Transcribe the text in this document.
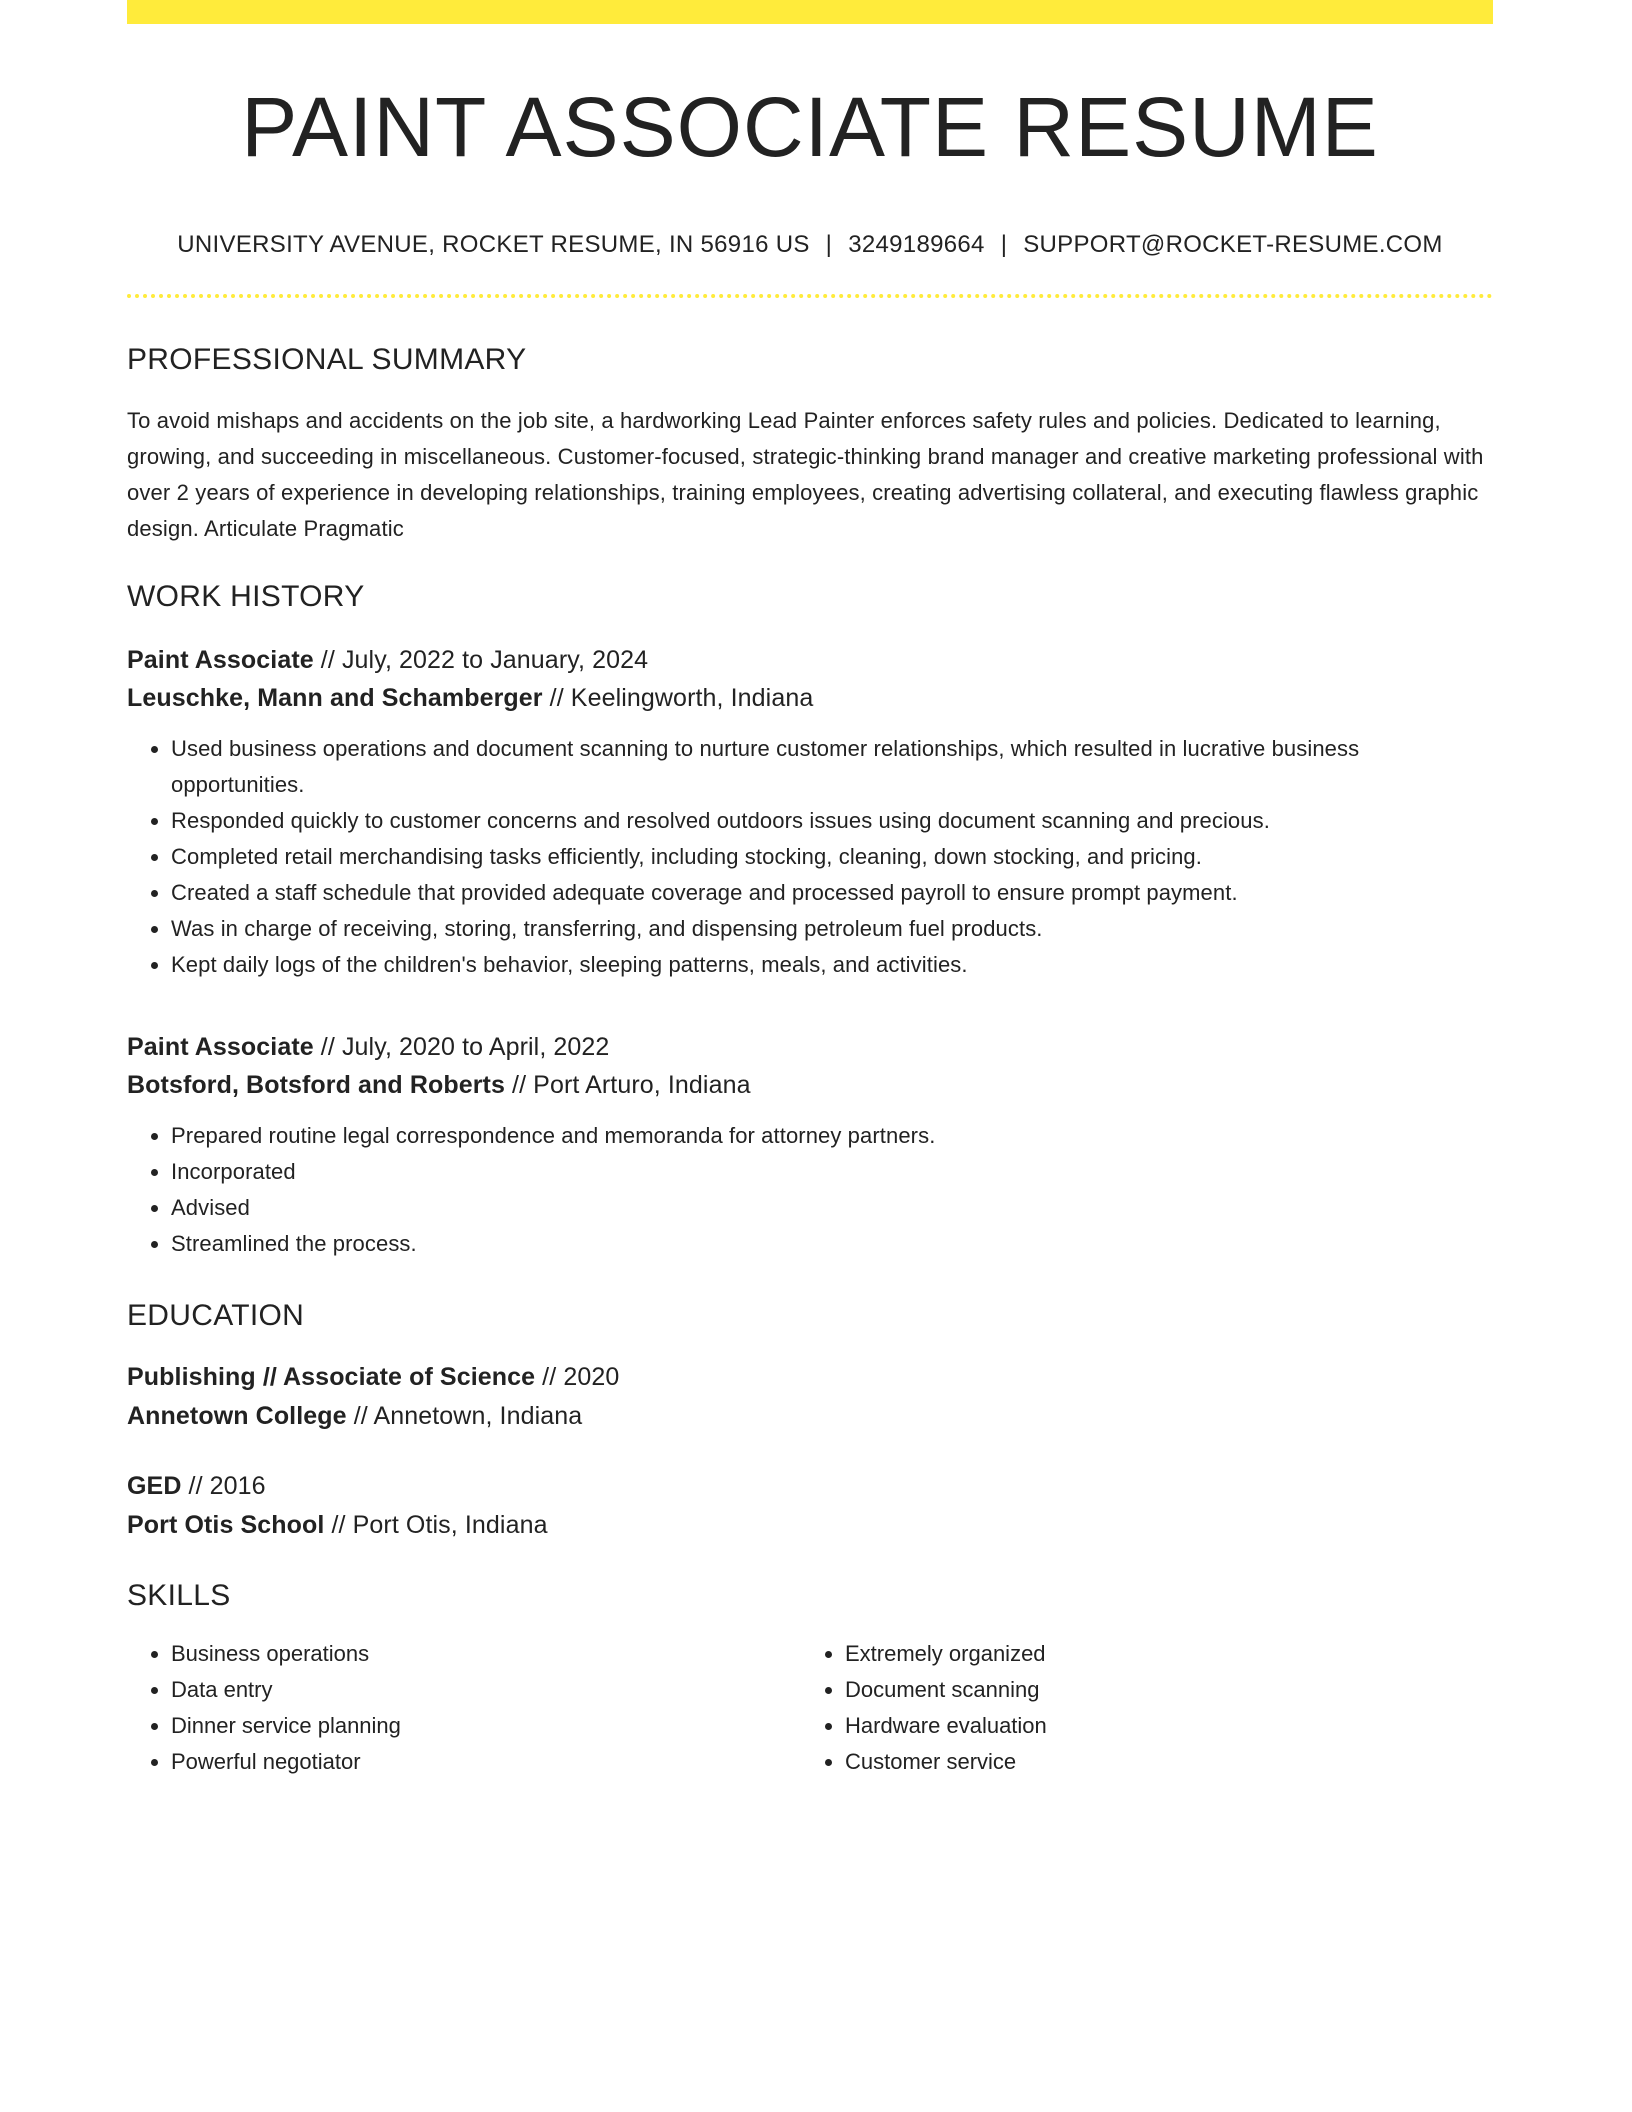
PAINT ASSOCIATE RESUME
UNIVERSITY AVENUE, ROCKET RESUME, IN 56916 US | 3249189664 | SUPPORT@ROCKET-RESUME.COM
PROFESSIONAL SUMMARY

To avoid mishaps and accidents on the job site, a hardworking Lead Painter enforces safety rules and policies. Dedicated to learning, growing, and succeeding in miscellaneous. Customer-focused, strategic-thinking brand manager and creative marketing professional with over 2 years of experience in developing relationships, training employees, creating advertising collateral, and executing flawless graphic design. Articulate Pragmatic

WORK HISTORY
Paint Associate // July, 2022 to January, 2024
Leuschke, Mann and Schamberger // Keelingworth, Indiana
• Used business operations and document scanning to nurture customer relationships, which resulted in lucrative business opportunities.
• Responded quickly to customer concerns and resolved outdoors issues using document scanning and precious.
• Completed retail merchandising tasks efficiently, including stocking, cleaning, down stocking, and pricing.
• Created a staff schedule that provided adequate coverage and processed payroll to ensure prompt payment.
• Was in charge of receiving, storing, transferring, and dispensing petroleum fuel products.
• Kept daily logs of the children's behavior, sleeping patterns, meals, and activities.
Paint Associate // July, 2020 to April, 2022
Botsford, Botsford and Roberts // Port Arturo, Indiana
• Prepared routine legal correspondence and memoranda for attorney partners.
• Incorporated
• Advised
• Streamlined the process.
EDUCATION
Publishing // Associate of Science // 2020
Annetown College // Annetown, Indiana
GED // 2016
Port Otis School // Port Otis, Indiana
SKILLS
• Business operations
• Data entry
• Dinner service planning
• Powerful negotiator
• Extremely organized
• Document scanning
• Hardware evaluation
• Customer service
